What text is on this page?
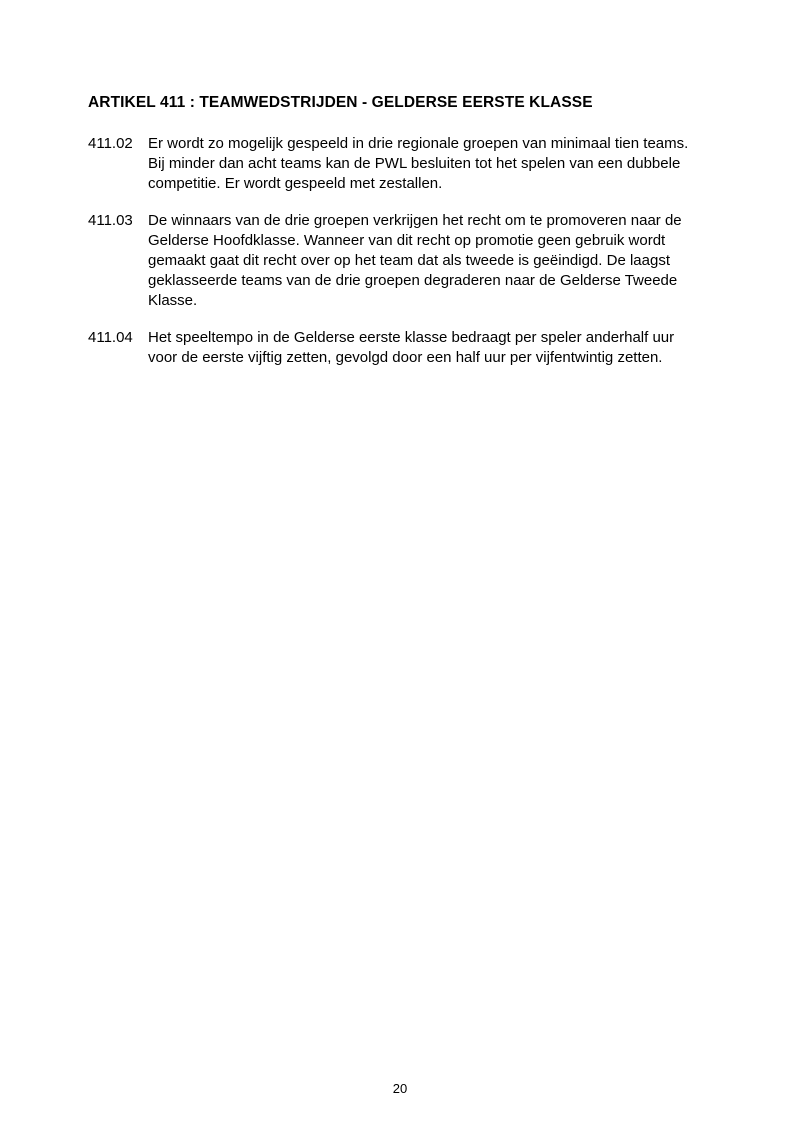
ARTIKEL 411 : TEAMWEDSTRIJDEN - GELDERSE EERSTE KLASSE
411.02	Er wordt zo mogelijk gespeeld in drie regionale groepen van minimaal tien teams. Bij minder dan acht teams kan de PWL besluiten tot het spelen van een dubbele competitie. Er wordt gespeeld met zestallen.
411.03	De winnaars van de drie groepen verkrijgen het recht om te promoveren naar de Gelderse Hoofdklasse. Wanneer van dit recht op promotie geen gebruik wordt gemaakt gaat dit recht over op het team dat als tweede is geëindigd. De laagst geklasseerde teams van de drie groepen degraderen naar de Gelderse Tweede Klasse.
411.04	Het speeltempo in de Gelderse eerste klasse bedraagt per speler anderhalf uur voor de eerste vijftig zetten, gevolgd door een half uur per vijfentwintig zetten.
20
